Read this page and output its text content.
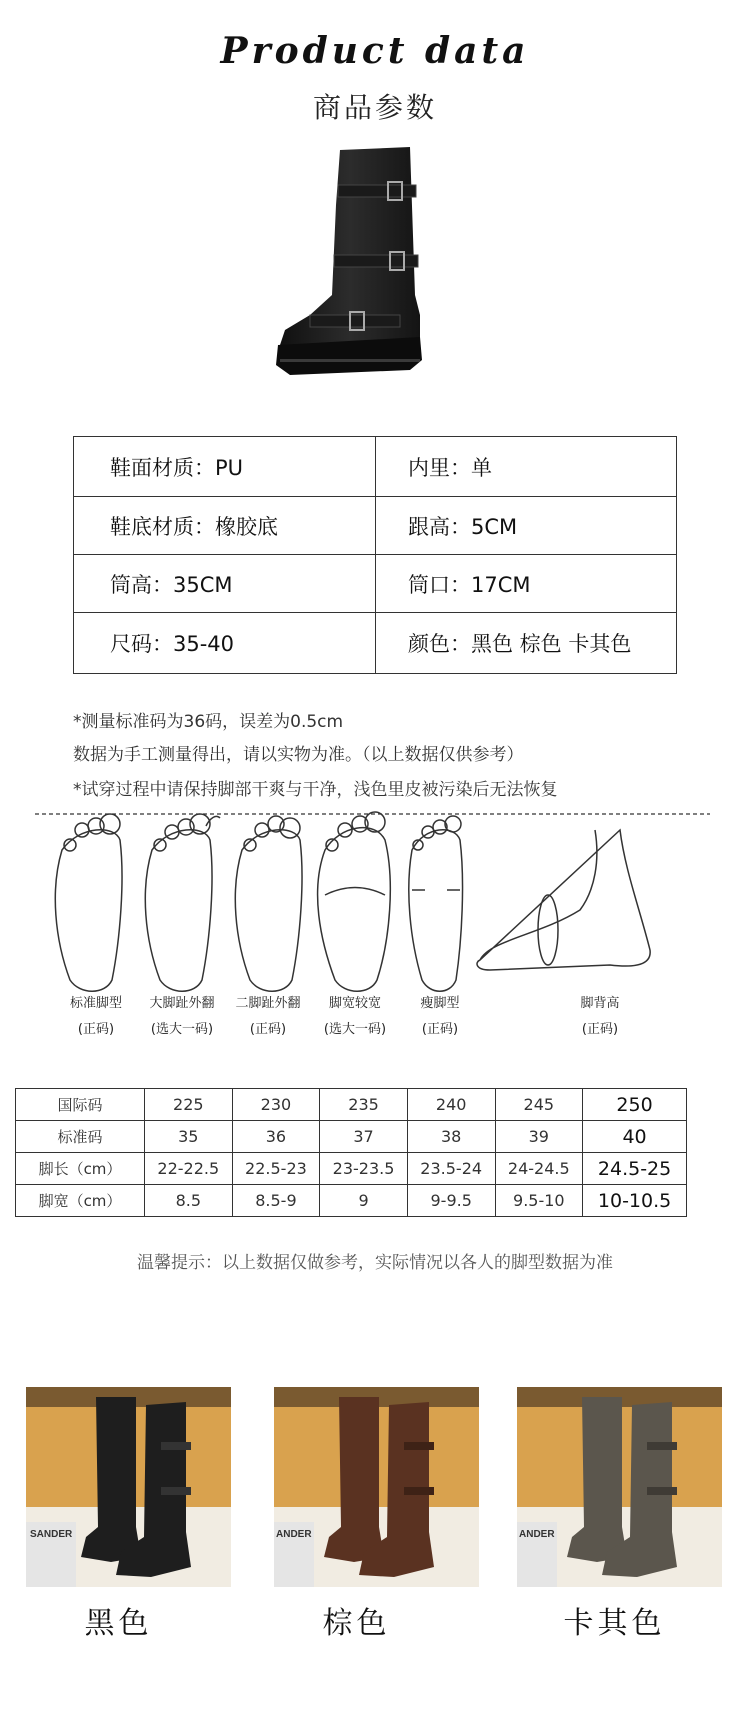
Product data
商品参数
鞋面材质：PU	内里：单
鞋底材质：橡胶底	跟高：5CM
筒高：35CM	筒口：17CM
尺码：35-40	颜色：黑色 棕色 卡其色
*测量标准码为36码，误差为0.5cm
数据为手工测量得出，请以实物为准。（以上数据仅供参考）
*试穿过程中请保持脚部干爽与干净，浅色里皮被污染后无法恢复
标准脚型
(正码)
大脚趾外翻
(选大一码)
二脚趾外翻
(正码)
脚宽较宽
(选大一码)
瘦脚型
(正码)
脚背高
(正码)
国际码	225	230	235	240	245	250
标准码	35	36	37	38	39	40
脚长（cm）	22-22.5	22.5-23	23-23.5	23.5-24	24-24.5	24.5-25
脚宽（cm）	8.5	8.5-9	9	9-9.5	9.5-10	10-10.5
温馨提示：以上数据仅做参考，实际情况以各人的脚型数据为准
SANDER
黑色
ANDER
棕色
ANDER
卡其色
